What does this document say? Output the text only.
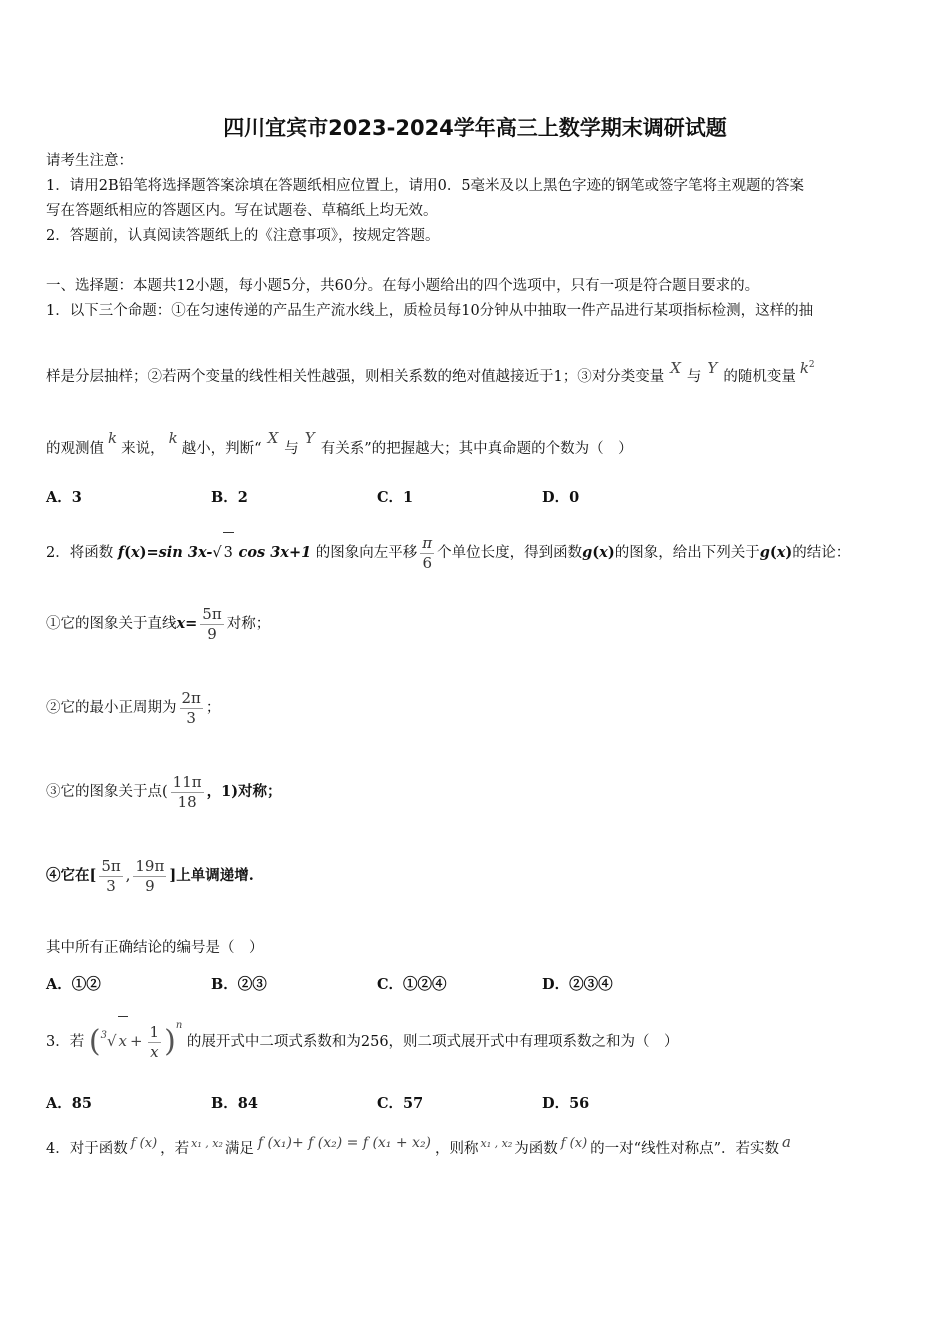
四川宜宾市2023-2024学年高三上数学期末调研试题
请考生注意：
1．请用2B铅笔将选择题答案涂填在答题纸相应位置上，请用0．5毫米及以上黑色字迹的钢笔或签字笔将主观题的答案
写在答题纸相应的答题区内。写在试题卷、草稿纸上均无效。
2．答题前，认真阅读答题纸上的《注意事项》，按规定答题。
一、选择题：本题共12小题，每小题5分，共60分。在每小题给出的四个选项中，只有一项是符合题目要求的。
1．以下三个命题：①在匀速传递的产品生产流水线上，质检员每10分钟从中抽取一件产品进行某项指标检测，这样的抽
样是分层抽样；②若两个变量的线性相关性越强，则相关系数的绝对值越接近于1；③对分类变量 X 与 Y 的随机变量 $k^2$
的观测值k来说，k越小，判断“X与Y有关系”的把握越大；其中真命题的个数为（　）
A．3	B．2	C．1	D．0
2．将函数 f(x)=sin 3x-√ 3 cos 3x+1 的图象向左平移 $\frac{\pi}{6}$ 个单位长度，得到函数g(x)的图象，给出下列关于g(x)的结论：
①它的图象关于直线$x= \frac{5\pi}{9}$ 对称；
②它的最小正周期为 $\frac{2\pi}{3}$ ；
③它的图象关于点( $\frac{11\pi}{18}$ ，1)对称；
④它在[ $\frac{5\pi}{3}$ , $\frac{19\pi}{9}$ ]上单调递增.
其中所有正确结论的编号是（　）
A．①②	B．②③	C．①②④	D．②③④
3．若 ($^3$√ $x + \frac{1}{x} )^n$ 的展开式中二项式系数和为256，则二项式展开式中有理项系数之和为（　）
A．85	B．84	C．57	D．56
4．对于函数 f (x) ，若 $^{x_1 , x_2}$ 满足 f (x₁)+ f (x₂) = f (x₁ + x₂) ，则称 $^{x_1 , x_2}$ 为函数 f (x) 的一对“线性对称点”．若实数 a
